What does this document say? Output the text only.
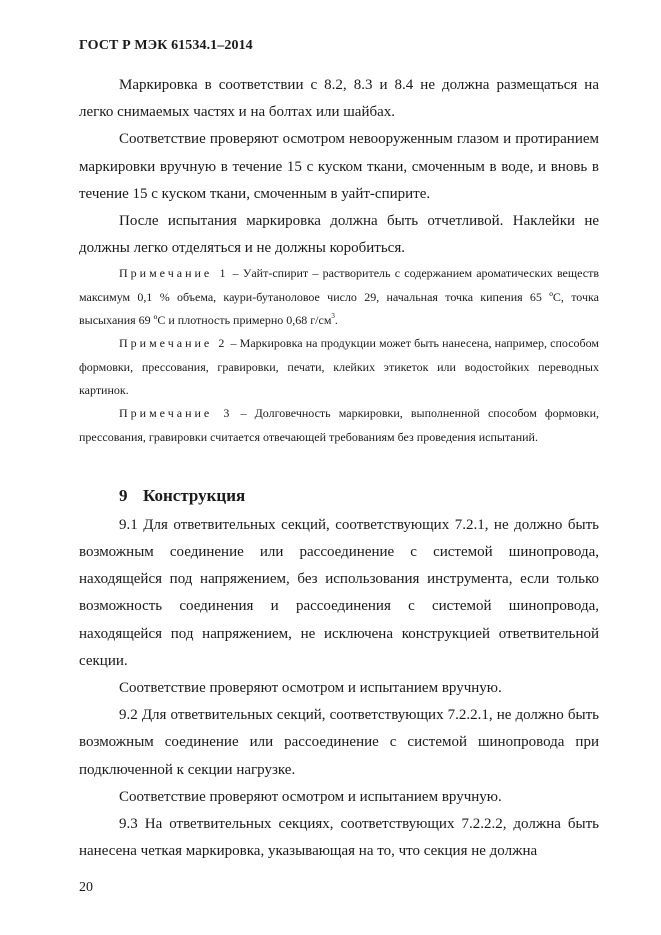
ГОСТ Р МЭК 61534.1–2014

Маркировка в соответствии с 8.2, 8.3 и 8.4 не должна размещаться на легко снимаемых частях и на болтах или шайбах.

Соответствие проверяют осмотром невооруженным глазом и протиранием маркировки вручную в течение 15 с куском ткани, смоченным в воде, и вновь в течение 15 с куском ткани, смоченным в уайт-спирите.

После испытания маркировка должна быть отчетливой. Наклейки не должны легко отделяться и не должны коробиться.

Примечание 1 – Уайт-спирит – растворитель с содержанием ароматических веществ максимум 0,1 % объема, каури-бутаноловое число 29, начальная точка кипения 65 ºС, точка высыхания 69 ºС и плотность примерно 0,68 $г/см^3$.

Примечание 2 – Маркировка на продукции может быть нанесена, например, способом формовки, прессования, гравировки, печати, клейких этикеток или водостойких переводных картинок.

Примечание 3 – Долговечность маркировки, выполненной способом формовки, прессования, гравировки считается отвечающей требованиям без проведения испытаний.

9 Конструкция

9.1 Для ответвительных секций, соответствующих 7.2.1, не должно быть возможным соединение или рассоединение с системой шинопровода, находящейся под напряжением, без использования инструмента, если только возможность соединения и рассоединения с системой шинопровода, находящейся под напряжением, не исключена конструкцией ответвительной секции.

Соответствие проверяют осмотром и испытанием вручную.

9.2 Для ответвительных секций, соответствующих 7.2.2.1, не должно быть возможным соединение или рассоединение с системой шинопровода при подключенной к секции нагрузке.

Соответствие проверяют осмотром и испытанием вручную.

9.3 На ответвительных секциях, соответствующих 7.2.2.2, должна быть нанесена четкая маркировка, указывающая на то, что секция не должна

20
